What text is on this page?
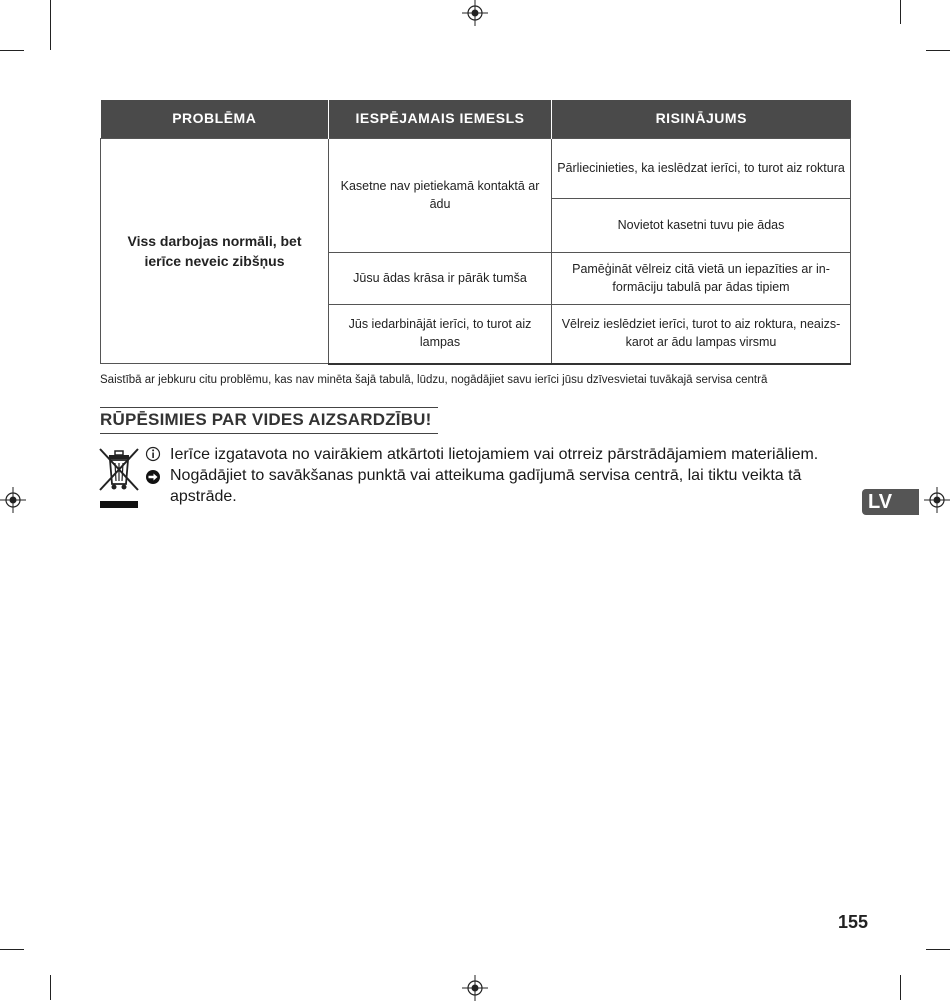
PROBLĒMA	IESPĒJAMAIS IEMESLS	RISINĀJUMS
Viss darbojas normāli, bet ierīce neveic zibšņus	Kasetne nav pietiekamā kontaktā ar ādu	Pārliecinieties, ka ieslēdzat ierīci, to turot aiz roktura
		Novietot kasetni tuvu pie ādas
	Jūsu ādas krāsa ir pārāk tumša	Pamēģināt vēlreiz citā vietā un iepazīties ar in-formāciju tabulā par ādas tipiem
	Jūs iedarbinājāt ierīci, to turot aiz lampas	Vēlreiz ieslēdziet ierīci, turot to aiz roktura, neaizs-karot ar ādu lampas virsmu
Saistībā ar jebkuru citu problēmu, kas nav minēta šajā tabulā, lūdzu, nogādājiet savu ierīci jūsu dzīvesvietai tuvākajā servisa centrā
RŪPĒSIMIES PAR VIDES AIZSARDZĪBU!
Ierīce izgatavota no vairākiem atkārtoti lietojamiem vai otrreiz pārstrādājamiem materiāliem.
Nogādājiet to savākšanas punktā vai atteikuma gadījumā servisa centrā, lai tiktu veikta tā apstrāde.	LV
155
